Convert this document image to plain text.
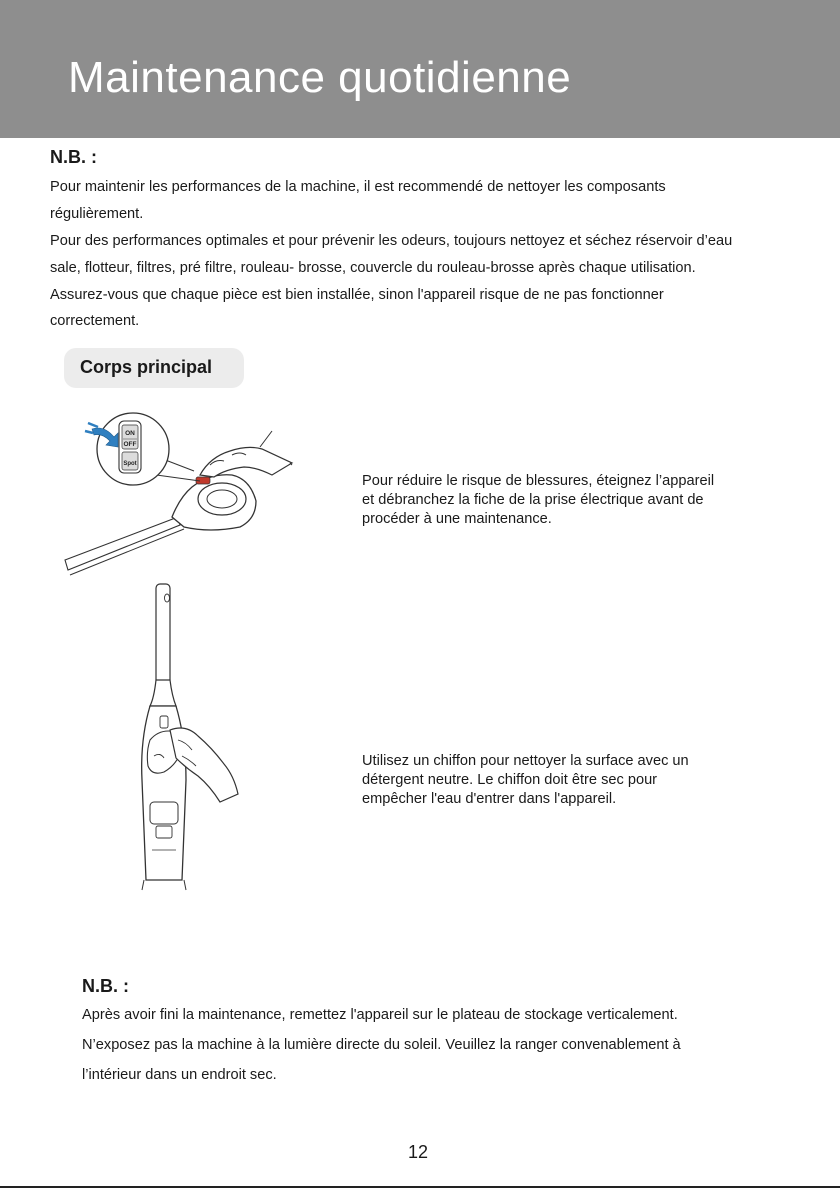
Maintenance quotidienne
N.B. :
Pour maintenir les performances de la machine, il est recommendé de nettoyer les composants
régulièrement.
Pour des performances optimales et pour prévenir les odeurs, toujours nettoyez et séchez réservoir d’eau
sale, flotteur, filtres, pré filtre, rouleau- brosse, couvercle du rouleau-brosse après chaque utilisation.
Assurez-vous que chaque pièce est bien installée, sinon l'appareil risque de ne pas fonctionner
correctement.
Corps principal
ON
OFF
Spot
Pour réduire le risque de blessures, éteignez l’appareil
et débranchez la fiche de la prise électrique avant de
procéder à une maintenance.
Utilisez un chiffon pour nettoyer la surface avec un
détergent neutre. Le chiffon doit être sec pour
empêcher l'eau d'entrer dans l'appareil.
N.B. :
Après avoir fini la maintenance, remettez l'appareil sur le plateau de stockage verticalement.
N’exposez pas la machine à la lumière directe du soleil. Veuillez la ranger convenablement à
l’intérieur dans un endroit sec.
12
